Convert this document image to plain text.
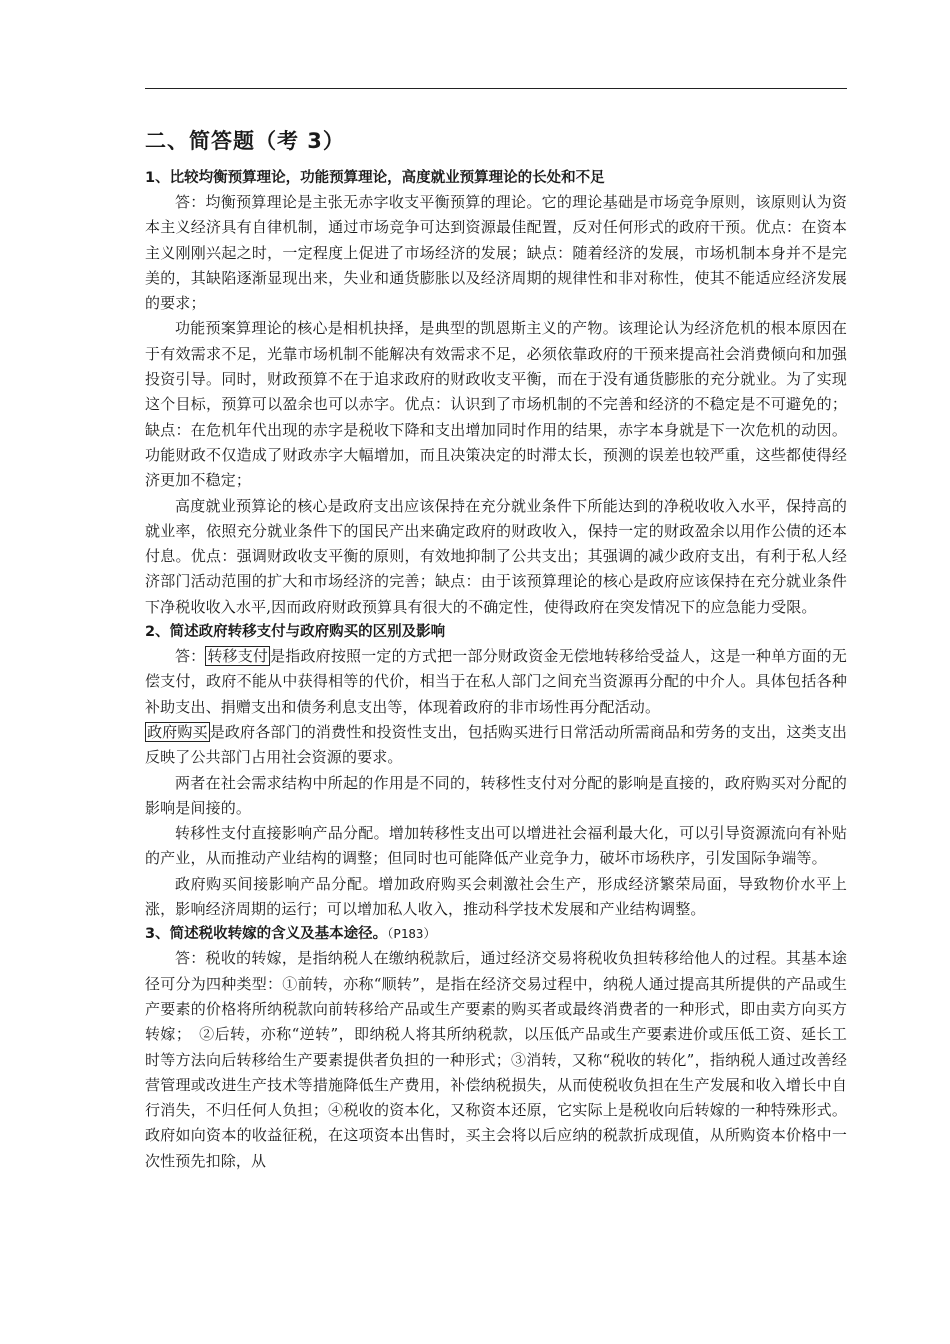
二、简答题（考 3）
1、比较均衡预算理论，功能预算理论，高度就业预算理论的长处和不足

答：均衡预算理论是主张无赤字收支平衡预算的理论。它的理论基础是市场竞争原则，该原则认为资本主义经济具有自律机制，通过市场竞争可达到资源最佳配置，反对任何形式的政府干预。优点：在资本主义刚刚兴起之时，一定程度上促进了市场经济的发展；缺点：随着经济的发展，市场机制本身并不是完美的，其缺陷逐渐显现出来，失业和通货膨胀以及经济周期的规律性和非对称性，使其不能适应经济发展的要求；

功能预案算理论的核心是相机抉择，是典型的凯恩斯主义的产物。该理论认为经济危机的根本原因在于有效需求不足，光靠市场机制不能解决有效需求不足，必须依靠政府的干预来提高社会消费倾向和加强投资引导。同时，财政预算不在于追求政府的财政收支平衡，而在于没有通货膨胀的充分就业。为了实现这个目标，预算可以盈余也可以赤字。优点：认识到了市场机制的不完善和经济的不稳定是不可避免的；缺点：在危机年代出现的赤字是税收下降和支出增加同时作用的结果，赤字本身就是下一次危机的动因。功能财政不仅造成了财政赤字大幅增加，而且决策决定的时滞太长，预测的误差也较严重，这些都使得经济更加不稳定；

高度就业预算论的核心是政府支出应该保持在充分就业条件下所能达到的净税收收入水平，保持高的就业率，依照充分就业条件下的国民产出来确定政府的财政收入，保持一定的财政盈余以用作公债的还本付息。优点：强调财政收支平衡的原则，有效地抑制了公共支出；其强调的减少政府支出，有利于私人经济部门活动范围的扩大和市场经济的完善；缺点：由于该预算理论的核心是政府应该保持在充分就业条件下净税收收入水平,因而政府财政预算具有很大的不确定性，使得政府在突发情况下的应急能力受限。

2、简述政府转移支付与政府购买的区别及影响

答： 转移支付 是指政府按照一定的方式把一部分财政资金无偿地转移给受益人，这是一种单方面的无偿支付，政府不能从中获得相等的代价，相当于在私人部门之间充当资源再分配的中介人。具体包括各种补助支出、捐赠支出和债务利息支出等，体现着政府的非市场性再分配活动。
政府购买 是政府各部门的消费性和投资性支出，包括购买进行日常活动所需商品和劳务的支出，这类支出反映了公共部门占用社会资源的要求。

两者在社会需求结构中所起的作用是不同的，转移性支付对分配的影响是直接的，政府购买对分配的影响是间接的。

转移性支付直接影响产品分配。增加转移性支出可以增进社会福利最大化，可以引导资源流向有补贴的产业，从而推动产业结构的调整；但同时也可能降低产业竞争力，破坏市场秩序，引发国际争端等。

政府购买间接影响产品分配。增加政府购买会刺激社会生产，形成经济繁荣局面，导致物价水平上涨，影响经济周期的运行；可以增加私人收入，推动科学技术发展和产业结构调整。

3、简述税收转嫁的含义及基本途径。（P183）

答：税收的转嫁，是指纳税人在缴纳税款后，通过经济交易将税收负担转移给他人的过程。其基本途径可分为四种类型：①前转，亦称“顺转”，是指在经济交易过程中，纳税人通过提高其所提供的产品或生产要素的价格将所纳税款向前转移给产品或生产要素的购买者或最终消费者的一种形式，即由卖方向买方转嫁；　②后转，亦称“逆转”，即纳税人将其所纳税款，以压低产品或生产要素进价或压低工资、延长工时等方法向后转移给生产要素提供者负担的一种形式；③消转，又称“税收的转化”，指纳税人通过改善经营管理或改进生产技术等措施降低生产费用，补偿纳税损失，从而使税收负担在生产发展和收入增长中自行消失，不归任何人负担；④税收的资本化，又称资本还原，它实际上是税收向后转嫁的一种特殊形式。政府如向资本的收益征税，在这项资本出售时，买主会将以后应纳的税款折成现值，从所购资本价格中一次性预先扣除，从
